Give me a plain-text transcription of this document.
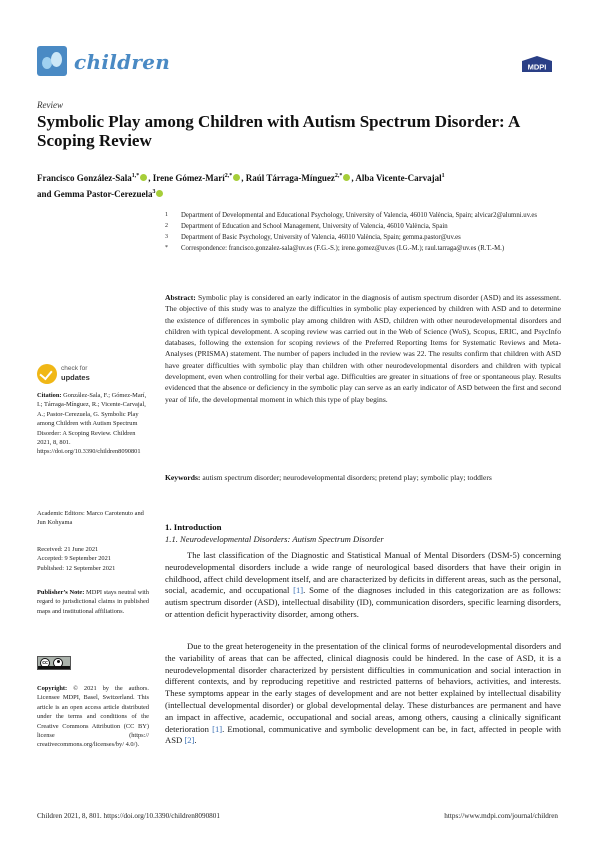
children	MDPI
Review
Symbolic Play among Children with Autism Spectrum Disorder: A Scoping Review
Francisco González-Sala$^{1,*}$ , Irene Gómez-Marí$^{2,*}$ , Raúl Tárraga-Mínguez$^{2,*}$ , Alba Vicente-Carvajal$^1$
and Gemma Pastor-Cerezuela$^3$
1 Department of Developmental and Educational Psychology, University of Valencia, 46010 València, Spain; alvicar2@alumni.uv.es
2 Department of Education and School Management, University of Valencia, 46010 València, Spain
3 Department of Basic Psychology, University of Valencia, 46010 València, Spain; gemma.pastor@uv.es
* Correspondence: francisco.gonzalez-sala@uv.es (F.G.-S.); irene.gomez@uv.es (I.G.-M.); raul.tarraga@uv.es (R.T.-M.)
Abstract: Symbolic play is considered an early indicator in the diagnosis of autism spectrum disorder (ASD) and its assessment. The objective of this study was to analyze the difficulties in symbolic play experienced by children with ASD and to determine the existence of differences in symbolic play among children with ASD, children with other neurodevelopmental disorders and children with typical development. A scoping review was carried out in the Web of Science (WoS), Scopus, ERIC, and PsycInfo databases, following the extension for scoping reviews of the Preferred Reporting Items for Systematic Reviews and Meta-Analyses (PRISMA) statement. The number of papers included in the review was 22. The results confirm that children with ASD have greater difficulties with symbolic play than children with other neurodevelopmental disorders and children with typical development, even when controlling for their verbal age. Difficulties are greater in situations of free or spontaneous play. Results evidenced that the absence or deficiency in the symbolic play can serve as an early indicator of ASD between the first and second year of life, the developmental moment in which this type of play begins.
Keywords: autism spectrum disorder; neurodevelopmental disorders; pretend play; symbolic play; toddlers
check for
updates
Citation: González-Sala, F.; Gómez-Marí, I.; Tárraga-Mínguez, R.; Vicente-Carvajal, A.; Pastor-Cerezuela, G. Symbolic Play among Children with Autism Spectrum Disorder: A Scoping Review. Children 2021, 8, 801. https://doi.org/10.3390/children8090801
Academic Editors: Marco Carotenuto and Jun Kohyama
Received: 21 June 2021
Accepted: 9 September 2021
Published: 12 September 2021
Publisher’s Note: MDPI stays neutral with regard to jurisdictional claims in published maps and institutional affiliations.
cc
Copyright: © 2021 by the authors. Licensee MDPI, Basel, Switzerland. This article is an open access article distributed under the terms and conditions of the Creative Commons Attribution (CC BY) license (https:// creativecommons.org/licenses/by/ 4.0/).
1. Introduction
1.1. Neurodevelopmental Disorders: Autism Spectrum Disorder

The last classification of the Diagnostic and Statistical Manual of Mental Disorders (DSM-5) concerning neurodevelopmental disorders include a wide range of neurological based disorders that have their origin in childhood, affect child development itself, and are characterized by deficits in different areas, such as the personal, social, academic, and occupational [1]. Some of the diagnoses included in this categorization are as follows: autism spectrum disorder (ASD), intellectual disability (ID), communication disorders, specific learning disorders, or attention deficit hyperactivity disorder, among others.

Due to the great heterogeneity in the presentation of the clinical forms of neurodevelopmental disorders and the variability of areas that can be affected, clinical diagnosis could be hindered. In the case of ASD, it is a neurodevelopmental disorder characterized by persistent difficulties in communication and social interaction in different contexts, and by reproducing repetitive and restricted patterns of behaviors, activities, and interests. These symptoms appear in the early stages of development and are not better explained by intellectual disability (intellectual developmental disorder) or global developmental delay. These disturbances are permanent and have an impact in affective, academic, occupational and social areas, among others, causing a clinically significant deterioration [1]. Emotional, communicative and symbolic development can be, in fact, affected in people with ASD [2].

Children 2021, 8, 801. https://doi.org/10.3390/children8090801	https://www.mdpi.com/journal/children
